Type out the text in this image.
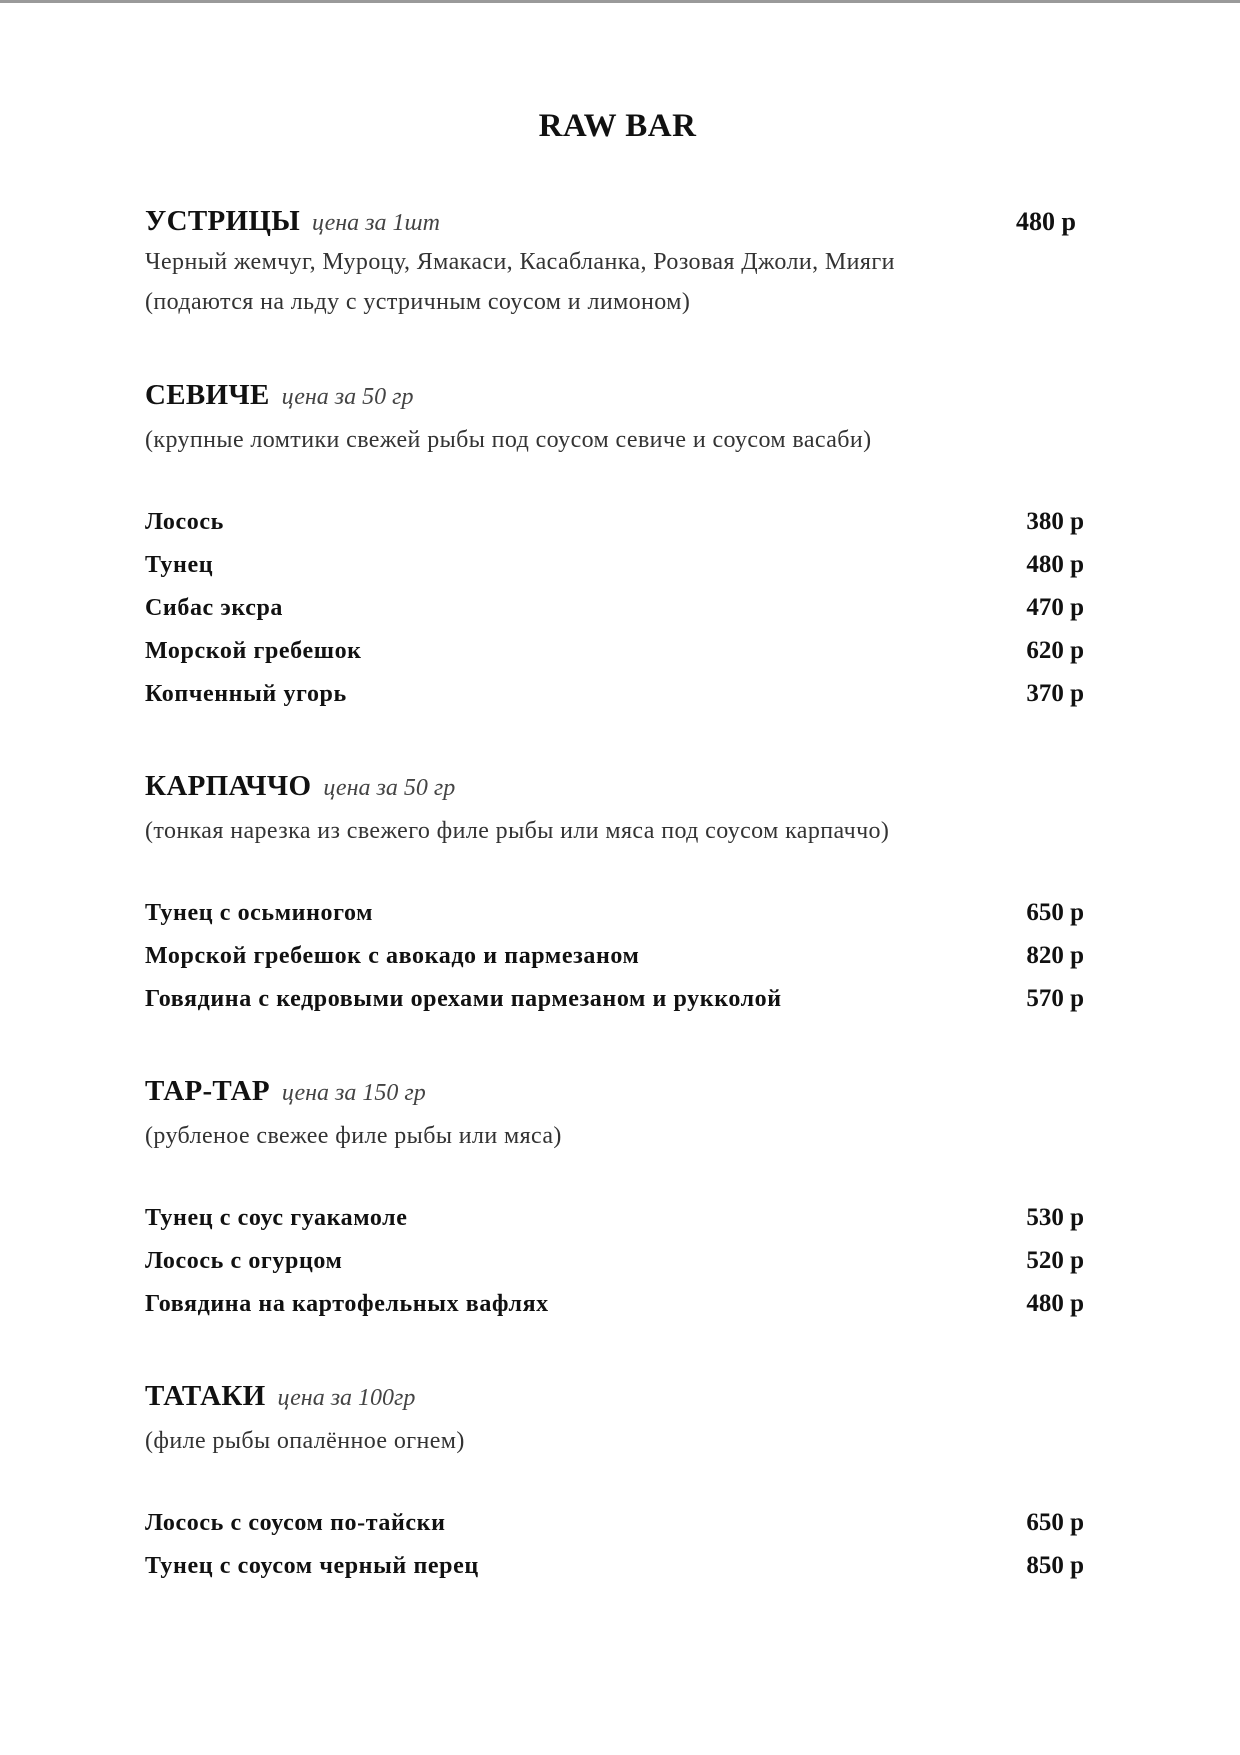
RAW BAR
УСТРИЦЫ цена за 1шт	480 р
Черный жемчуг, Муроцу, Ямакаси, Касабланка, Розовая Джоли, Мияги
(подаются на льду с устричным соусом и лимоном)
СЕВИЧЕ цена за 50 гр
(крупные ломтики свежей рыбы под соусом севиче и соусом васаби)
Лосось	380 р
Тунец	480 р
Сибас эксра	470 р
Морской гребешок	620 р
Копченный угорь	370 р
КАРПАЧЧО цена за 50 гр
(тонкая нарезка из свежего филе рыбы или мяса под соусом карпаччо)
Тунец с осьминогом	650 р
Морской гребешок с авокадо и пармезаном	820 р
Говядина с кедровыми орехами пармезаном и рукколой	570 р
ТАР-ТАР цена за 150 гр
(рубленое свежее филе рыбы или мяса)
Тунец с соус гуакамоле	530 р
Лосось с огурцом	520 р
Говядина на картофельных вафлях	480 р
ТАТАКИ цена за 100гр
(филе рыбы опалённое огнем)
Лосось с соусом по-тайски	650 р
Тунец с соусом черный перец	850 р
